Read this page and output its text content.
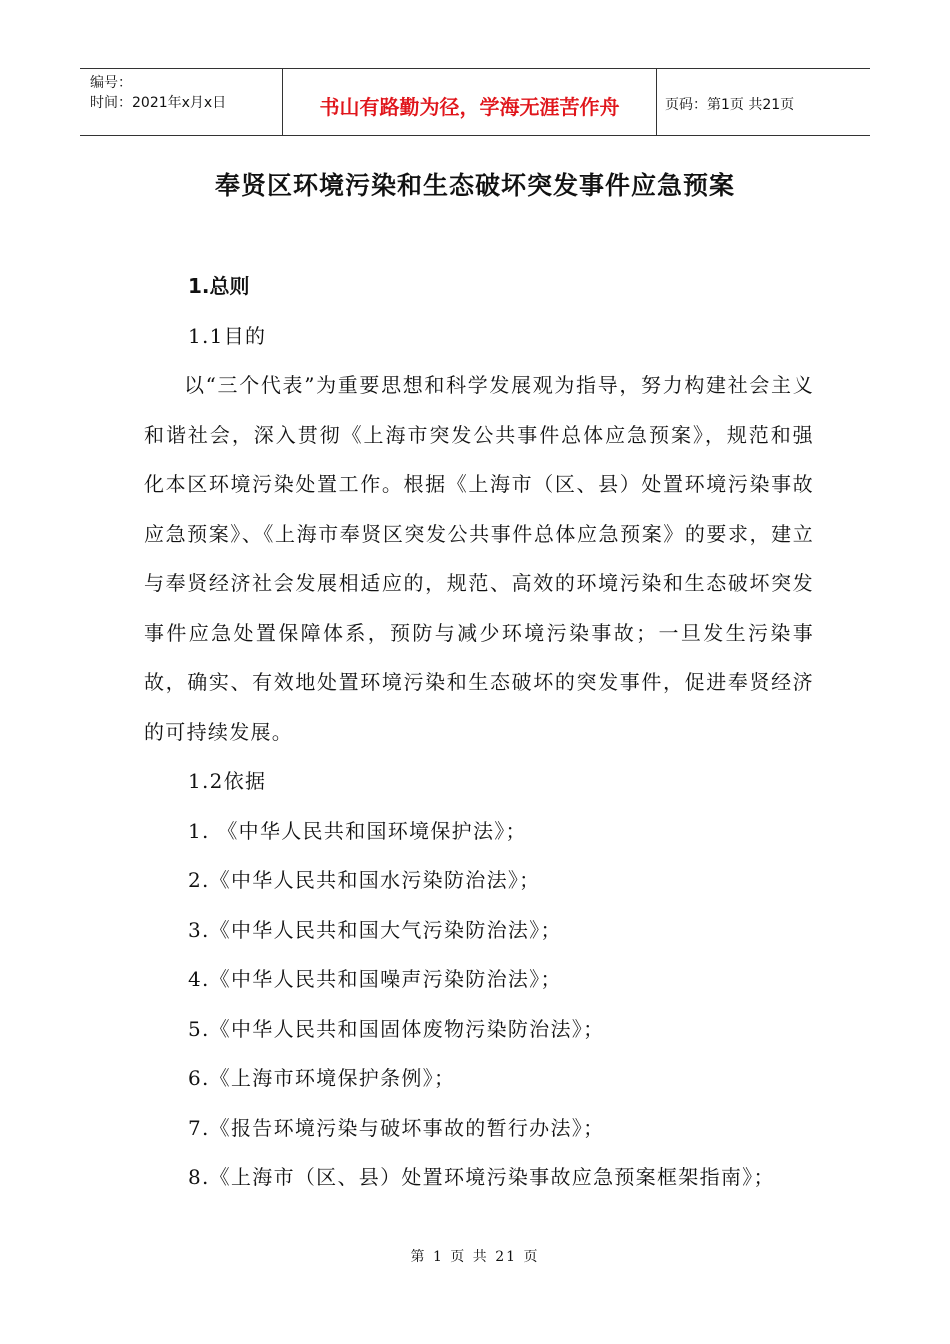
编号：
时间：2021年x月x日	书山有路勤为径，学海无涯苦作舟	页码：第1页 共21页
奉贤区环境污染和生态破坏突发事件应急预案

1.总则

1.1目的

以“三个代表”为重要思想和科学发展观为指导，努力构建社会主义和谐社会，深入贯彻《上海市突发公共事件总体应急预案》，规范和强化本区环境污染处置工作。根据《上海市（区、县）处置环境污染事故应急预案》、《上海市奉贤区突发公共事件总体应急预案》的要求，建立与奉贤经济社会发展相适应的，规范、高效的环境污染和生态破坏突发事件应急处置保障体系，预防与减少环境污染事故；一旦发生污染事故，确实、有效地处置环境污染和生态破坏的突发事件，促进奉贤经济的可持续发展。

1.2依据

1. 《中华人民共和国环境保护法》；

2.《中华人民共和国水污染防治法》；

3.《中华人民共和国大气污染防治法》；

4.《中华人民共和国噪声污染防治法》；

5.《中华人民共和国固体废物污染防治法》；

6.《上海市环境保护条例》；

7.《报告环境污染与破坏事故的暂行办法》；

8.《上海市（区、县）处置环境污染事故应急预案框架指南》；

第 1 页 共 21 页
